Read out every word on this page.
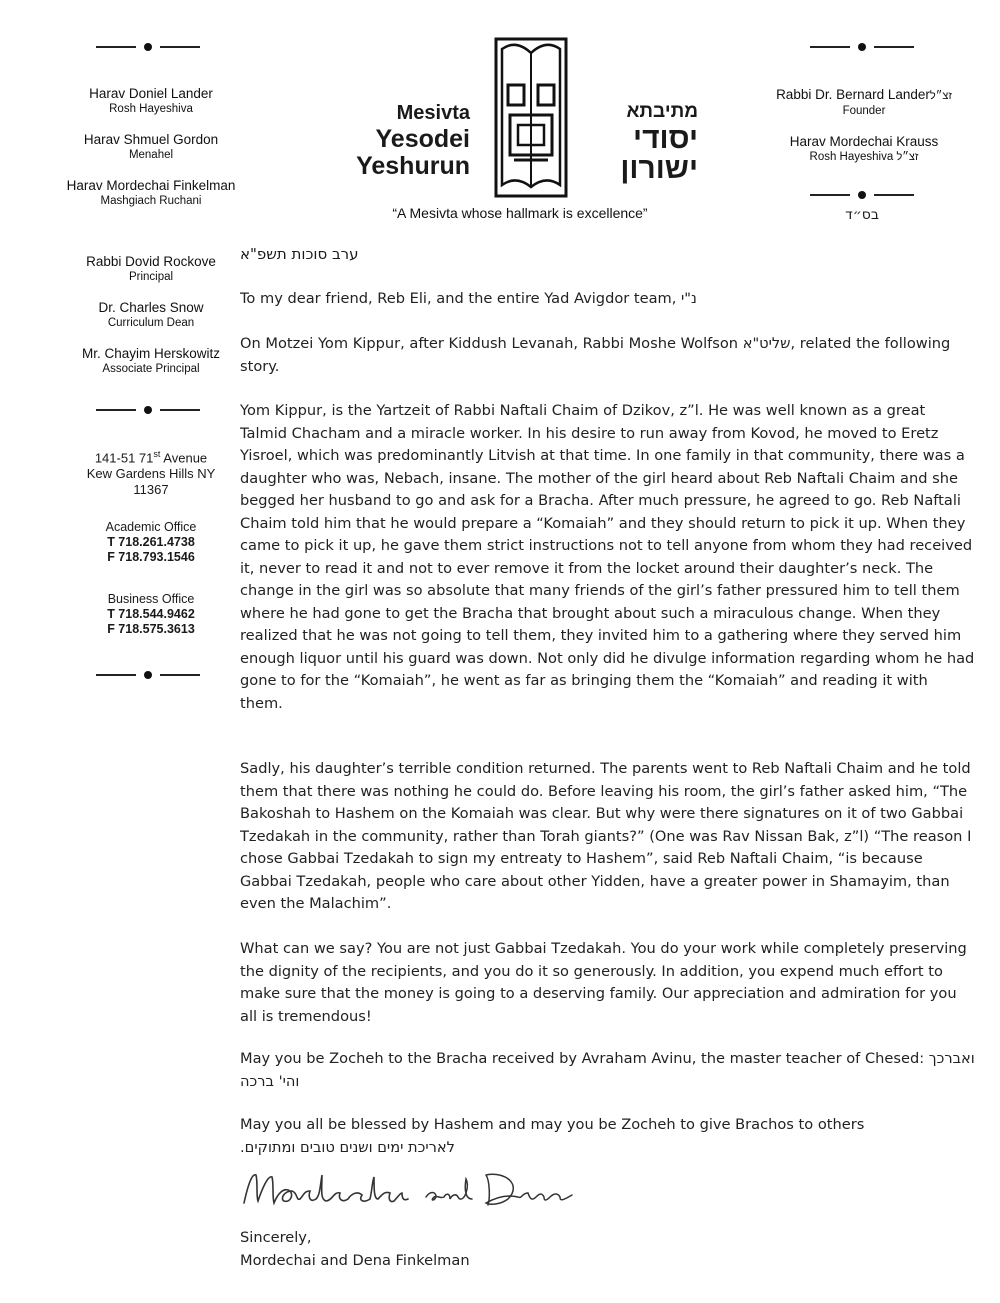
Harav Doniel Lander
Rosh Hayeshiva
Harav Shmuel Gordon
Menahel
Harav Mordechai Finkelman
Mashgiach Ruchani
Rabbi Dovid Rockove
Principal
Dr. Charles Snow
Curriculum Dean
Mr. Chayim Herskowitz
Associate Principal
141-51 71st Avenue
Kew Gardens Hills NY
11367
Academic Office
T 718.261.4738
F 718.793.1546
Business Office
T 718.544.9462
F 718.575.3613
Mesivta
Yesodei
Yeshurun
מתיבתא
יסודי
ישורון
“A Mesivta whose hallmark is excellence”
Rabbi Dr. Bernard Landerזצ״ל
Founder
Harav Mordechai Krauss
Rosh Hayeshiva זצ״ל
בס״ד
ערב סוכות תשפ"א

To my dear friend, Reb Eli, and the entire Yad Avigdor team, נ"י

On Motzei Yom Kippur, after Kiddush Levanah, Rabbi Moshe Wolfson שליט"א, related the following story.

Yom Kippur, is the Yartzeit of Rabbi Naftali Chaim of Dzikov, z”l. He was well known as a great Talmid Chacham and a miracle worker. In his desire to run away from Kovod, he moved to Eretz Yisroel, which was predominantly Litvish at that time. In one family in that community, there was a daughter who was, Nebach, insane. The mother of the girl heard about Reb Naftali Chaim and she begged her husband to go and ask for a Bracha. After much pressure, he agreed to go. Reb Naftali Chaim told him that he would prepare a “Komaiah” and they should return to pick it up. When they came to pick it up, he gave them strict instructions not to tell anyone from whom they had received it, never to read it and not to ever remove it from the locket around their daughter’s neck. The change in the girl was so absolute that many friends of the girl’s father pressured him to tell them where he had gone to get the Bracha that brought about such a miraculous change. When they realized that he was not going to tell them, they invited him to a gathering where they served him enough liquor until his guard was down. Not only did he divulge information regarding whom he had gone to for the “Komaiah”, he went as far as bringing them the “Komaiah” and reading it with them.

Sadly, his daughter’s terrible condition returned. The parents went to Reb Naftali Chaim and he told them that there was nothing he could do. Before leaving his room, the girl’s father asked him, “The Bakoshah to Hashem on the Komaiah was clear. But why were there signatures on it of two Gabbai Tzedakah in the community, rather than Torah giants?” (One was Rav Nissan Bak, z”l) “The reason I chose Gabbai Tzedakah to sign my entreaty to Hashem”, said Reb Naftali Chaim, “is because Gabbai Tzedakah, people who care about other Yidden, have a greater power in Shamayim, than even the Malachim”.

What can we say? You are not just Gabbai Tzedakah. You do your work while completely preserving the dignity of the recipients, and you do it so generously. In addition, you expend much effort to make sure that the money is going to a deserving family. Our appreciation and admiration for you all is tremendous!

May you be Zocheh to the Bracha received by Avraham Avinu, the master teacher of Chesed: ואברכך והי' ברכה

May you all be blessed by Hashem and may you be Zocheh to give Brachos to others

לאריכת ימים ושנים טובים ומתוקים.

Sincerely,

Mordechai and Dena Finkelman
